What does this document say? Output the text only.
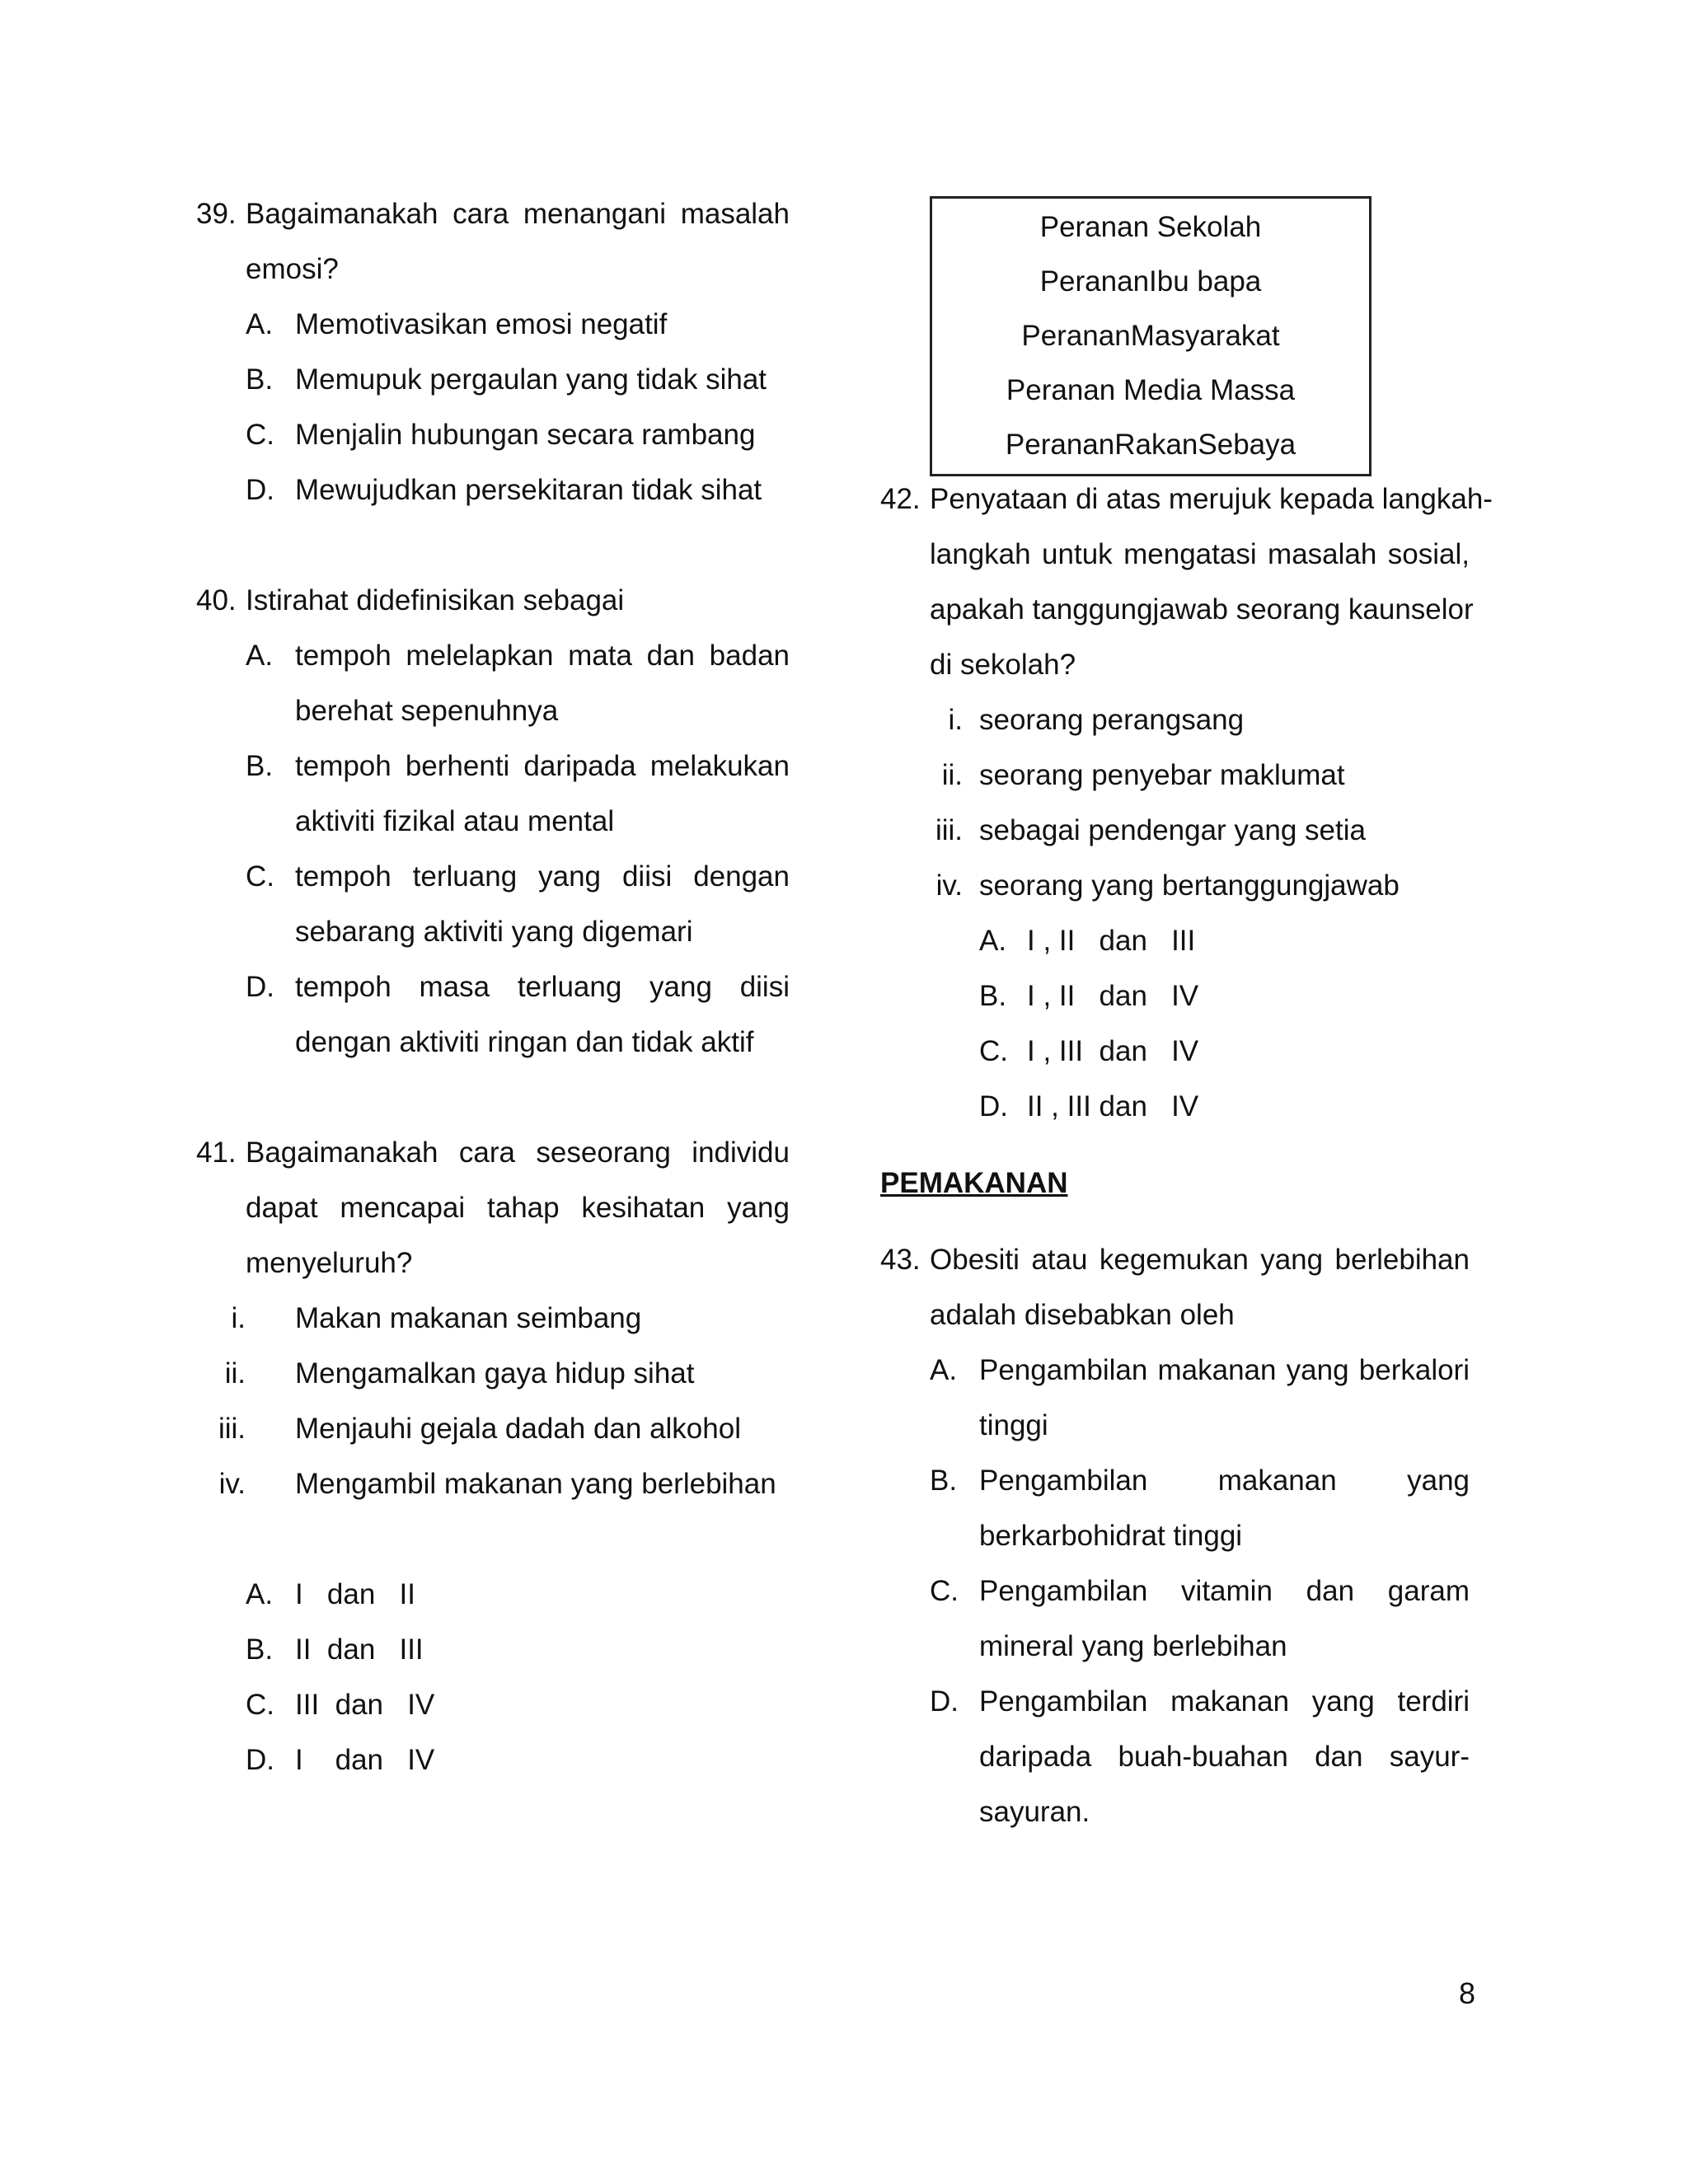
39. Bagaimanakah cara menangani masalah
emosi?
A. Memotivasikan emosi negatif
B. Memupuk pergaulan yang tidak sihat
C. Menjalin hubungan secara rambang
D. Mewujudkan persekitaran tidak sihat
40. Istirahat didefinisikan sebagai
A. tempoh melelapkan mata dan badan
berehat sepenuhnya
B. tempoh berhenti daripada melakukan
aktiviti fizikal atau mental
C. tempoh terluang yang diisi dengan
sebarang aktiviti yang digemari
D. tempoh masa terluang yang diisi
dengan aktiviti ringan dan tidak aktif
41. Bagaimanakah cara seseorang individu
dapat mencapai tahap kesihatan yang
menyeluruh?
i. Makan makanan seimbang
ii. Mengamalkan gaya hidup sihat
iii. Menjauhi gejala dadah dan alkohol
iv. Mengambil makanan yang berlebihan
A. I   dan   II
B. II  dan   III
C. III  dan   IV
D. I    dan   IV
Peranan Sekolah
PerananIbu bapa
PerananMasyarakat
Peranan Media Massa
PerananRakanSebaya
42. Penyataan di atas merujuk kepada langkah-
langkah untuk mengatasi masalah sosial,
apakah tanggungjawab seorang kaunselor
di sekolah?
i. seorang perangsang
ii. seorang penyebar maklumat
iii. sebagai pendengar yang setia
iv. seorang yang bertanggungjawab
A. I , II   dan   III
B. I , II   dan   IV
C. I , III  dan   IV
D. II , III dan   IV
PEMAKANAN
43. Obesiti atau kegemukan yang berlebihan
adalah disebabkan oleh
A. Pengambilan makanan yang berkalori
tinggi
B. Pengambilan makanan yang
berkarbohidrat tinggi
C. Pengambilan vitamin dan garam
mineral yang berlebihan
D. Pengambilan makanan yang terdiri
daripada buah-buahan dan sayur-
sayuran.
8
